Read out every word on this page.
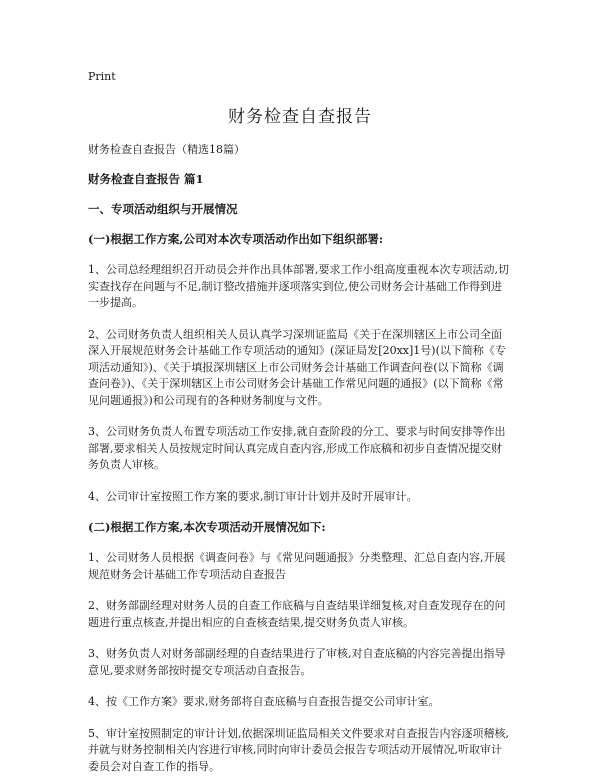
Print
财务检查自查报告
财务检查自查报告（精选18篇）
财务检查自查报告 篇1
一、专项活动组织与开展情况
(一)根据工作方案,公司对本次专项活动作出如下组织部署:

1、公司总经理组织召开动员会并作出具体部署,要求工作小组高度重视本次专项活动,切实查找存在问题与不足,制订整改措施并逐项落实到位,使公司财务会计基础工作得到进一步提高。

2、公司财务负责人组织相关人员认真学习深圳证监局《关于在深圳辖区上市公司全面深入开展规范财务会计基础工作专项活动的通知》(深证局发[20xx]1号)(以下简称《专项活动通知》)、《关于填报深圳辖区上市公司财务会计基础工作调查问卷(以下简称《调查问卷》)、《关于深圳辖区上市公司财务会计基础工作常见问题的通报》(以下简称《常见问题通报》)和公司现有的各种财务制度与文件。

3、公司财务负责人布置专项活动工作安排,就自查阶段的分工、要求与时间安排等作出部署,要求相关人员按规定时间认真完成自查内容,形成工作底稿和初步自查情况提交财务负责人审核。

4、公司审计室按照工作方案的要求,制订审计计划并及时开展审计。

(二)根据工作方案,本次专项活动开展情况如下:

1、公司财务人员根据《调查问卷》与《常见问题通报》分类整理、汇总自查内容,开展规范财务会计基础工作专项活动自查报告

2、财务部副经理对财务人员的自查工作底稿与自查结果详细复核,对自查发现存在的问题进行重点核查,并提出相应的自查核查结果,提交财务负责人审核。

3、财务负责人对财务部副经理的自查结果进行了审核,对自查底稿的内容完善提出指导意见,要求财务部按时提交专项活动自查报告。

4、按《工作方案》要求,财务部将自查底稿与自查报告提交公司审计室。

5、审计室按照制定的审计计划,依据深圳证监局相关文件要求对自查报告内容逐项稽核,并就与财务控制相关内容进行审核,同时向审计委员会报告专项活动开展情况,听取审计委员会对自查工作的指导。
